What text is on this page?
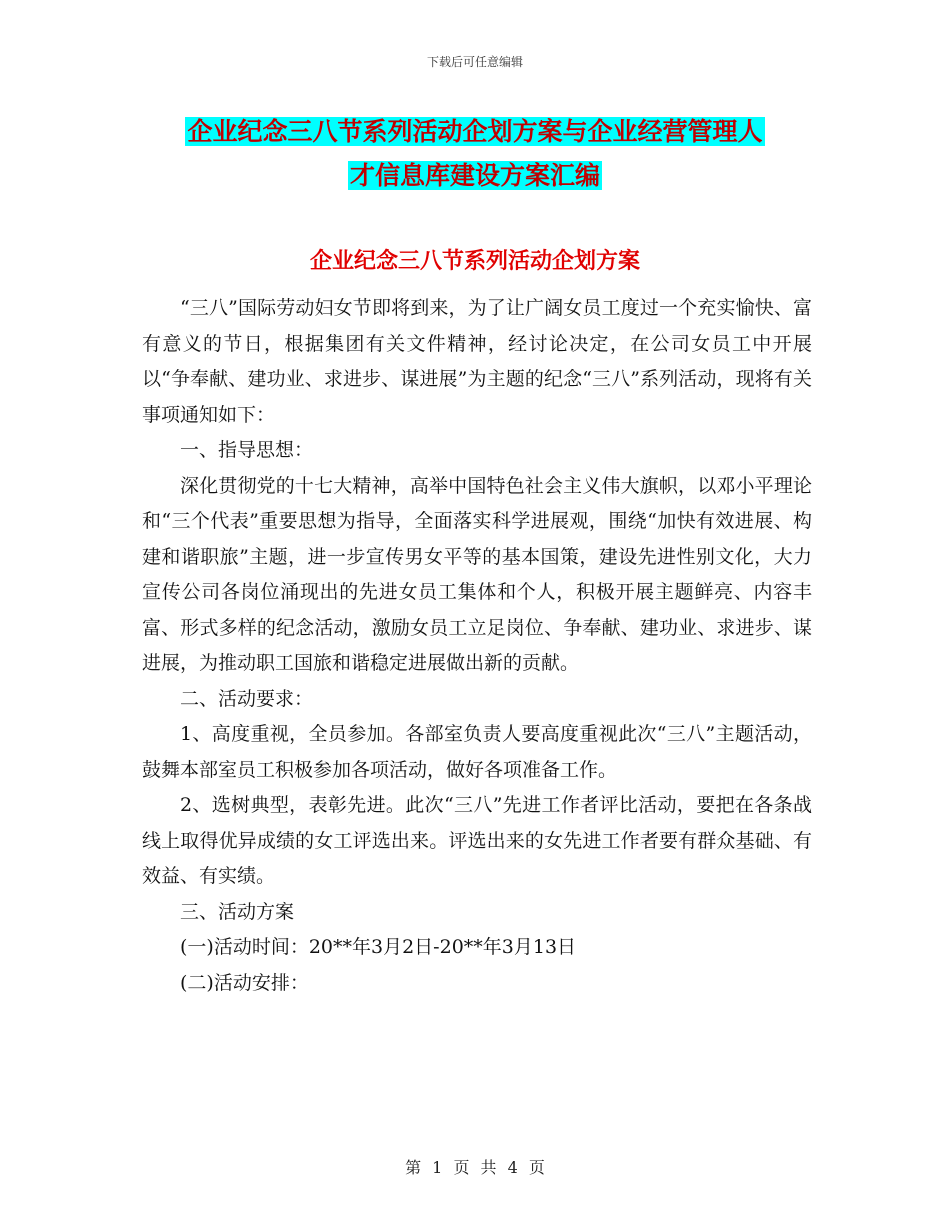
下载后可任意编辑
企业纪念三八节系列活动企划方案与企业经营管理人
才信息库建设方案汇编
企业纪念三八节系列活动企划方案

“三八”国际劳动妇女节即将到来，为了让广阔女员工度过一个充实愉快、富有意义的节日，根据集团有关文件精神，经讨论决定，在公司女员工中开展以“争奉献、建功业、求进步、谋进展”为主题的纪念“三八”系列活动，现将有关事项通知如下：

一、指导思想：

深化贯彻党的十七大精神，高举中国特色社会主义伟大旗帜，以邓小平理论和“三个代表”重要思想为指导，全面落实科学进展观，围绕“加快有效进展、构建和谐职旅”主题，进一步宣传男女平等的基本国策，建设先进性别文化，大力宣传公司各岗位涌现出的先进女员工集体和个人，积极开展主题鲜亮、内容丰富、形式多样的纪念活动，激励女员工立足岗位、争奉献、建功业、求进步、谋进展，为推动职工国旅和谐稳定进展做出新的贡献。

二、活动要求：

1、高度重视，全员参加。各部室负责人要高度重视此次“三八”主题活动，鼓舞本部室员工积极参加各项活动，做好各项准备工作。

2、选树典型，表彰先进。此次“三八”先进工作者评比活动，要把在各条战线上取得优异成绩的女工评选出来。评选出来的女先进工作者要有群众基础、有效益、有实绩。

三、活动方案

(一)活动时间：20**年3月2日-20**年3月13日

(二)活动安排：

第 1 页 共 4 页
